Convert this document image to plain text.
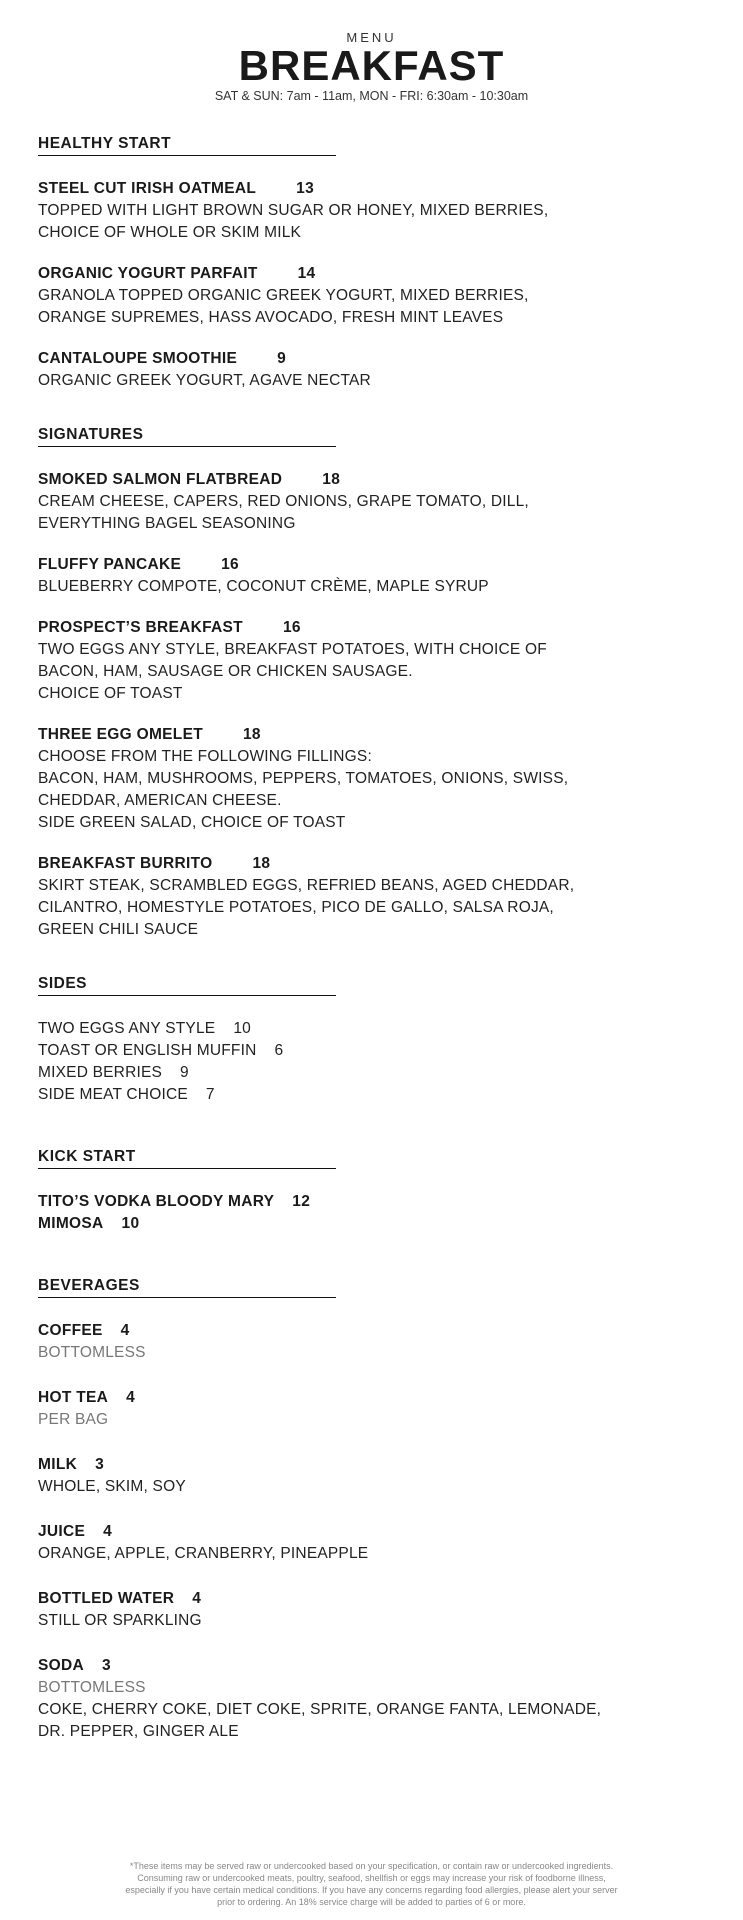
MENU
BREAKFAST
SAT & SUN: 7am - 11am, MON - FRI: 6:30am - 10:30am
HEALTHY START
STEEL CUT IRISH OATMEAL	13
TOPPED WITH LIGHT BROWN SUGAR OR HONEY, MIXED BERRIES,
CHOICE OF WHOLE OR SKIM MILK
ORGANIC YOGURT PARFAIT	14
GRANOLA TOPPED ORGANIC GREEK YOGURT, MIXED BERRIES,
ORANGE SUPREMES, HASS AVOCADO, FRESH MINT LEAVES
CANTALOUPE SMOOTHIE	9
ORGANIC GREEK YOGURT, AGAVE NECTAR
SIGNATURES
SMOKED SALMON FLATBREAD	18
CREAM CHEESE, CAPERS, RED ONIONS, GRAPE TOMATO, DILL,
EVERYTHING BAGEL SEASONING
FLUFFY PANCAKE	16
BLUEBERRY COMPOTE, COCONUT CRÈME, MAPLE SYRUP
PROSPECT’S BREAKFAST	16
TWO EGGS ANY STYLE, BREAKFAST POTATOES, WITH CHOICE OF
BACON, HAM, SAUSAGE OR CHICKEN SAUSAGE.
CHOICE OF TOAST
THREE EGG OMELET	18
CHOOSE FROM THE FOLLOWING FILLINGS:
BACON, HAM, MUSHROOMS, PEPPERS, TOMATOES, ONIONS, SWISS,
CHEDDAR, AMERICAN CHEESE.
SIDE GREEN SALAD, CHOICE OF TOAST
BREAKFAST BURRITO	18
SKIRT STEAK, SCRAMBLED EGGS, REFRIED BEANS, AGED CHEDDAR,
CILANTRO, HOMESTYLE POTATOES, PICO DE GALLO, SALSA ROJA,
GREEN CHILI SAUCE
SIDES
TWO EGGS ANY STYLE 10
TOAST OR ENGLISH MUFFIN 6
MIXED BERRIES 9
SIDE MEAT CHOICE 7
KICK START
TITO’S VODKA BLOODY MARY 12
MIMOSA 10
BEVERAGES
COFFEE 4
BOTTOMLESS
HOT TEA 4
PER BAG
MILK 3
WHOLE, SKIM, SOY
JUICE 4
ORANGE, APPLE, CRANBERRY, PINEAPPLE
BOTTLED WATER 4
STILL OR SPARKLING
SODA 3
BOTTOMLESS
COKE, CHERRY COKE, DIET COKE, SPRITE, ORANGE FANTA, LEMONADE,
DR. PEPPER, GINGER ALE
*These items may be served raw or undercooked based on your specification, or contain raw or undercooked ingredients.
Consuming raw or undercooked meats, poultry, seafood, shellfish or eggs may increase your risk of foodborne illness,
especially if you have certain medical conditions. If you have any concerns regarding food allergies, please alert your server
prior to ordering. An 18% service charge will be added to parties of 6 or more.
